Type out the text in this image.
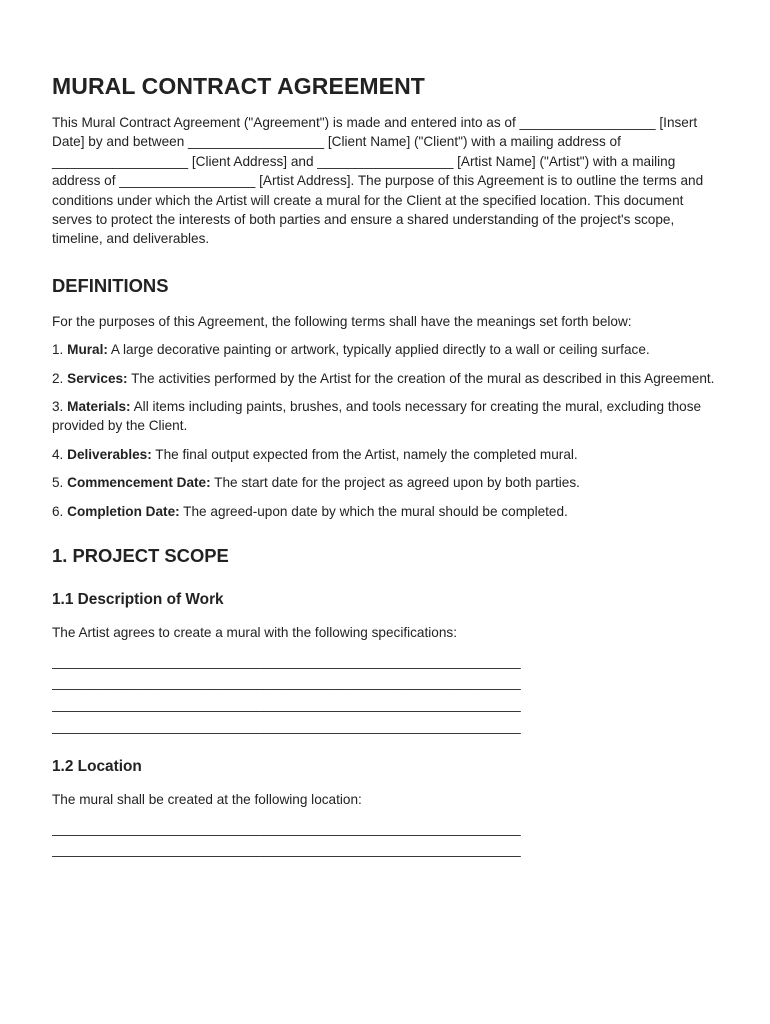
MURAL CONTRACT AGREEMENT

This Mural Contract Agreement ("Agreement") is made and entered into as of __________________ [Insert Date] by and between __________________ [Client Name] ("Client") with a mailing address of __________________ [Client Address] and __________________ [Artist Name] ("Artist") with a mailing address of __________________ [Artist Address]. The purpose of this Agreement is to outline the terms and conditions under which the Artist will create a mural for the Client at the specified location. This document serves to protect the interests of both parties and ensure a shared understanding of the project's scope, timeline, and deliverables.

DEFINITIONS

For the purposes of this Agreement, the following terms shall have the meanings set forth below:

1. Mural: A large decorative painting or artwork, typically applied directly to a wall or ceiling surface.
2. Services: The activities performed by the Artist for the creation of the mural as described in this Agreement.
3. Materials: All items including paints, brushes, and tools necessary for creating the mural, excluding those provided by the Client.
4. Deliverables: The final output expected from the Artist, namely the completed mural.
5. Commencement Date: The start date for the project as agreed upon by both parties.
6. Completion Date: The agreed-upon date by which the mural should be completed.
1. PROJECT SCOPE
1.1 Description of Work

The Artist agrees to create a mural with the following specifications:

______________________________________________________________
______________________________________________________________
______________________________________________________________
______________________________________________________________
1.2 Location

The mural shall be created at the following location:

______________________________________________________________
______________________________________________________________
